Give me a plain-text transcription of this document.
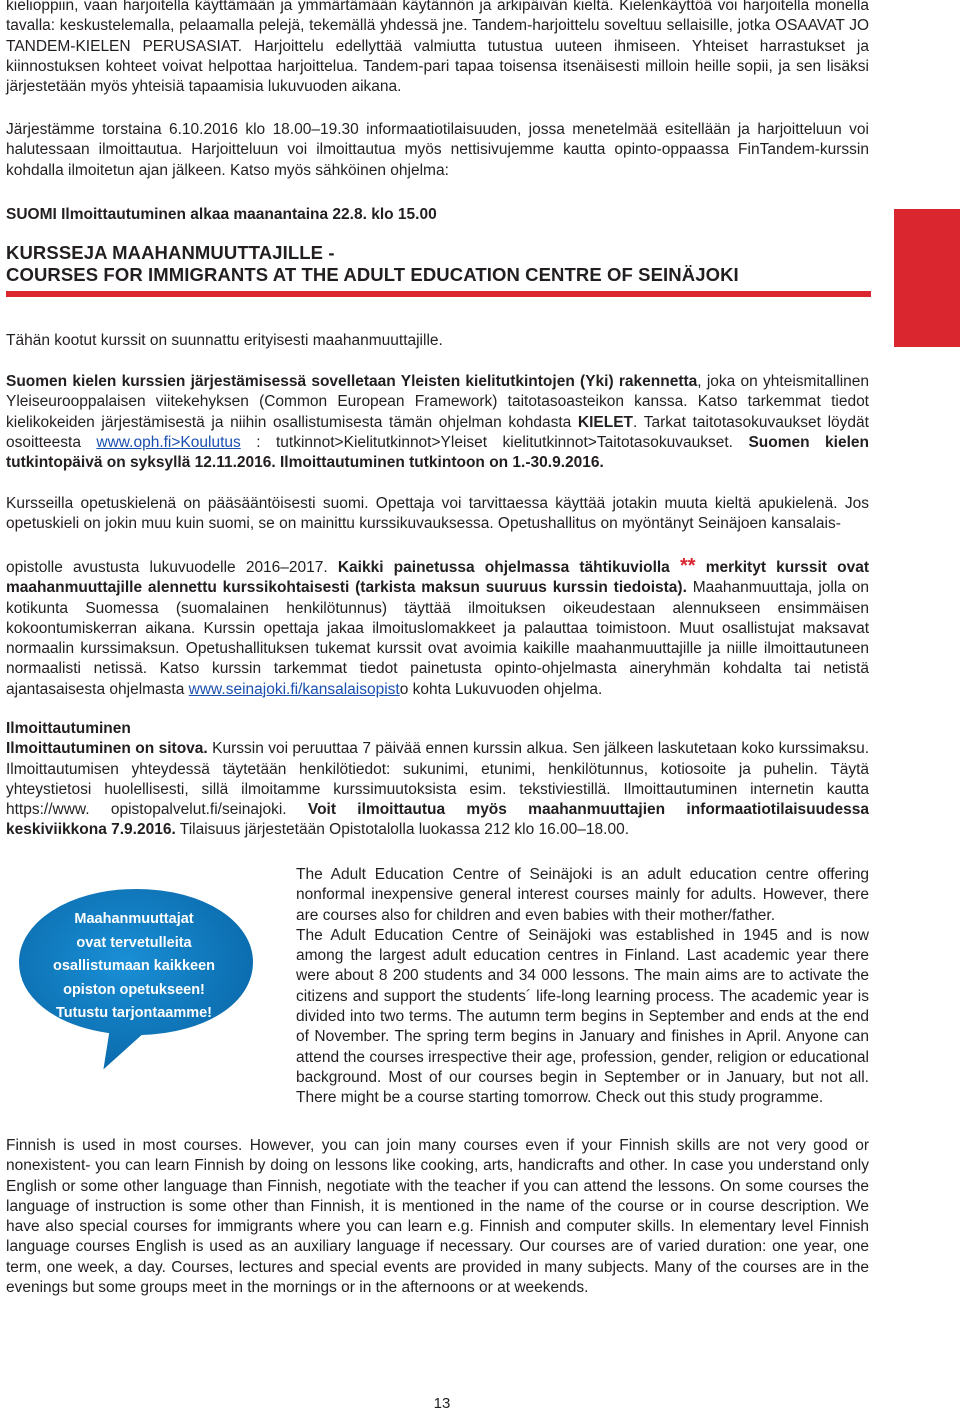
kielioppiin, vaan harjoitella käyttämään ja ymmärtämään käytännön ja arkipäivän kieltä. Kielenkäyttöä voi harjoitella monella tavalla: keskustelemalla, pelaamalla pelejä, tekemällä yhdessä jne. Tandem-harjoittelu soveltuu sellaisille, jotka OSAAVAT JO TANDEM-KIELEN PERUSASIAT. Harjoittelu edellyttää valmiutta tutustua uuteen ihmiseen. Yhteiset harrastukset ja kiinnostuksen kohteet voivat helpottaa harjoittelua. Tandem-pari tapaa toisensa itsenäisesti milloin heille sopii, ja sen lisäksi järjestetään myös yhteisiä tapaamisia lukuvuoden aikana.

Järjestämme torstaina 6.10.2016 klo 18.00–19.30 informaatiotilaisuuden, jossa menetelmää esitellään ja harjoitteluun voi halutessaan ilmoittautua. Harjoitteluun voi ilmoittautua myös nettisivujemme kautta opinto-oppaassa FinTandem-kurssin kohdalla ilmoitetun ajan jälkeen. Katso myös sähköinen ohjelma:

SUOMI Ilmoittautuminen alkaa maanantaina 22.8. klo 15.00

KURSSEJA MAAHANMUUTTAJILLE -
COURSES FOR IMMIGRANTS AT THE ADULT EDUCATION CENTRE OF SEINÄJOKI

Tähän kootut kurssit on suunnattu erityisesti maahanmuuttajille.

Suomen kielen kurssien järjestämisessä sovelletaan Yleisten kielitutkintojen (Yki) rakennetta, joka on yhteismitallinen Yleiseurooppalaisen viitekehyksen (Common European Framework) taitotasoasteikon kanssa. Katso tarkemmat tiedot kielikokeiden järjestämisestä ja niihin osallistumisesta tämän ohjelman kohdasta KIELET. Tarkat taitotasokuvaukset löydät osoitteesta www.oph.fi>Koulutus : tutkinnot>Kielitutkinnot>Yleiset kielitutkinnot>Taitotasokuvaukset. Suomen kielen tutkintopäivä on syksyllä 12.11.2016. Ilmoittautuminen tutkintoon on 1.-30.9.2016.

Kursseilla opetuskielenä on pääsääntöisesti suomi. Opettaja voi tarvittaessa käyttää jotakin muuta kieltä apukielenä. Jos opetuskieli on jokin muu kuin suomi, se on mainittu kurssikuvauksessa. Opetushallitus on myöntänyt Seinäjoen kansalais-

opistolle avustusta lukuvuodelle 2016‒2017. Kaikki painetussa ohjelmassa tähtikuviolla ** merkityt kurssit ovat maahanmuuttajille alennettu kurssikohtaisesti (tarkista maksun suuruus kurssin tiedoista). Maahanmuuttaja, jolla on kotikunta Suomessa (suomalainen henkilötunnus) täyttää ilmoituksen oikeudestaan alennukseen ensimmäisen kokoontumiskerran aikana. Kurssin opettaja jakaa ilmoituslomakkeet ja palauttaa toimistoon. Muut osallistujat maksavat normaalin kurssimaksun. Opetushallituksen tukemat kurssit ovat avoimia kaikille maahanmuuttajille ja niille ilmoittautuneen normaalisti netissä. Katso kurssin tarkemmat tiedot painetusta opinto-ohjelmasta aineryhmän kohdalta tai netistä ajantasaisesta ohjelmasta www.seinajoki.fi/kansalaisopisto kohta Lukuvuoden ohjelma.

Ilmoittautuminen

Ilmoittautuminen on sitova. Kurssin voi peruuttaa 7 päivää ennen kurssin alkua. Sen jälkeen laskutetaan koko kurssimaksu. Ilmoittautumisen yhteydessä täytetään henkilötiedot: sukunimi, etunimi, henkilötunnus, kotiosoite ja puhelin. Täytä yhteystietosi huolellisesti, sillä ilmoitamme kurssimuutoksista esim. tekstiviestillä. Ilmoittautuminen internetin kautta https://www. opistopalvelut.fi/seinajoki. Voit ilmoittautua myös maahanmuuttajien informaatiotilaisuudessa keskiviikkona 7.9.2016. Tilaisuus järjestetään Opistotalolla luokassa 212 klo 16.00‒18.00.

Maahanmuuttajat
ovat tervetulleita
osallistumaan kaikkeen
opiston opetukseen!
Tutustu tarjontaamme!

The Adult Education Centre of Seinäjoki is an adult education centre offering nonformal inexpensive general interest courses mainly for adults. However, there are courses also for children and even babies with their mother/father.

The Adult Education Centre of Seinäjoki was established in 1945 and is now among the largest adult education centres in Finland. Last academic year there were about 8 200 students and 34 000 lessons. The main aims are to activate the citizens and support the students´ life-long learning process. The academic year is divided into two terms. The autumn term begins in September and ends at the end of November. The spring term begins in January and finishes in April. Anyone can attend the courses irrespective their age, profession, gender, religion or educational background. Most of our courses begin in September or in January, but not all. There might be a course starting tomorrow. Check out this study programme.

Finnish is used in most courses. However, you can join many courses even if your Finnish skills are not very good or nonexistent- you can learn Finnish by doing on lessons like cooking, arts, handicrafts and other. In case you understand only English or some other language than Finnish, negotiate with the teacher if you can attend the lessons. On some courses the language of instruction is some other than Finnish, it is mentioned in the name of the course or in course description. We have also special courses for immigrants where you can learn e.g. Finnish and computer skills. In elementary level Finnish language courses English is used as an auxiliary language if necessary. Our courses are of varied duration: one year, one term, one week, a day. Courses, lectures and special events are provided in many subjects. Many of the courses are in the evenings but some groups meet in the mornings or in the afternoons or at weekends.

13
